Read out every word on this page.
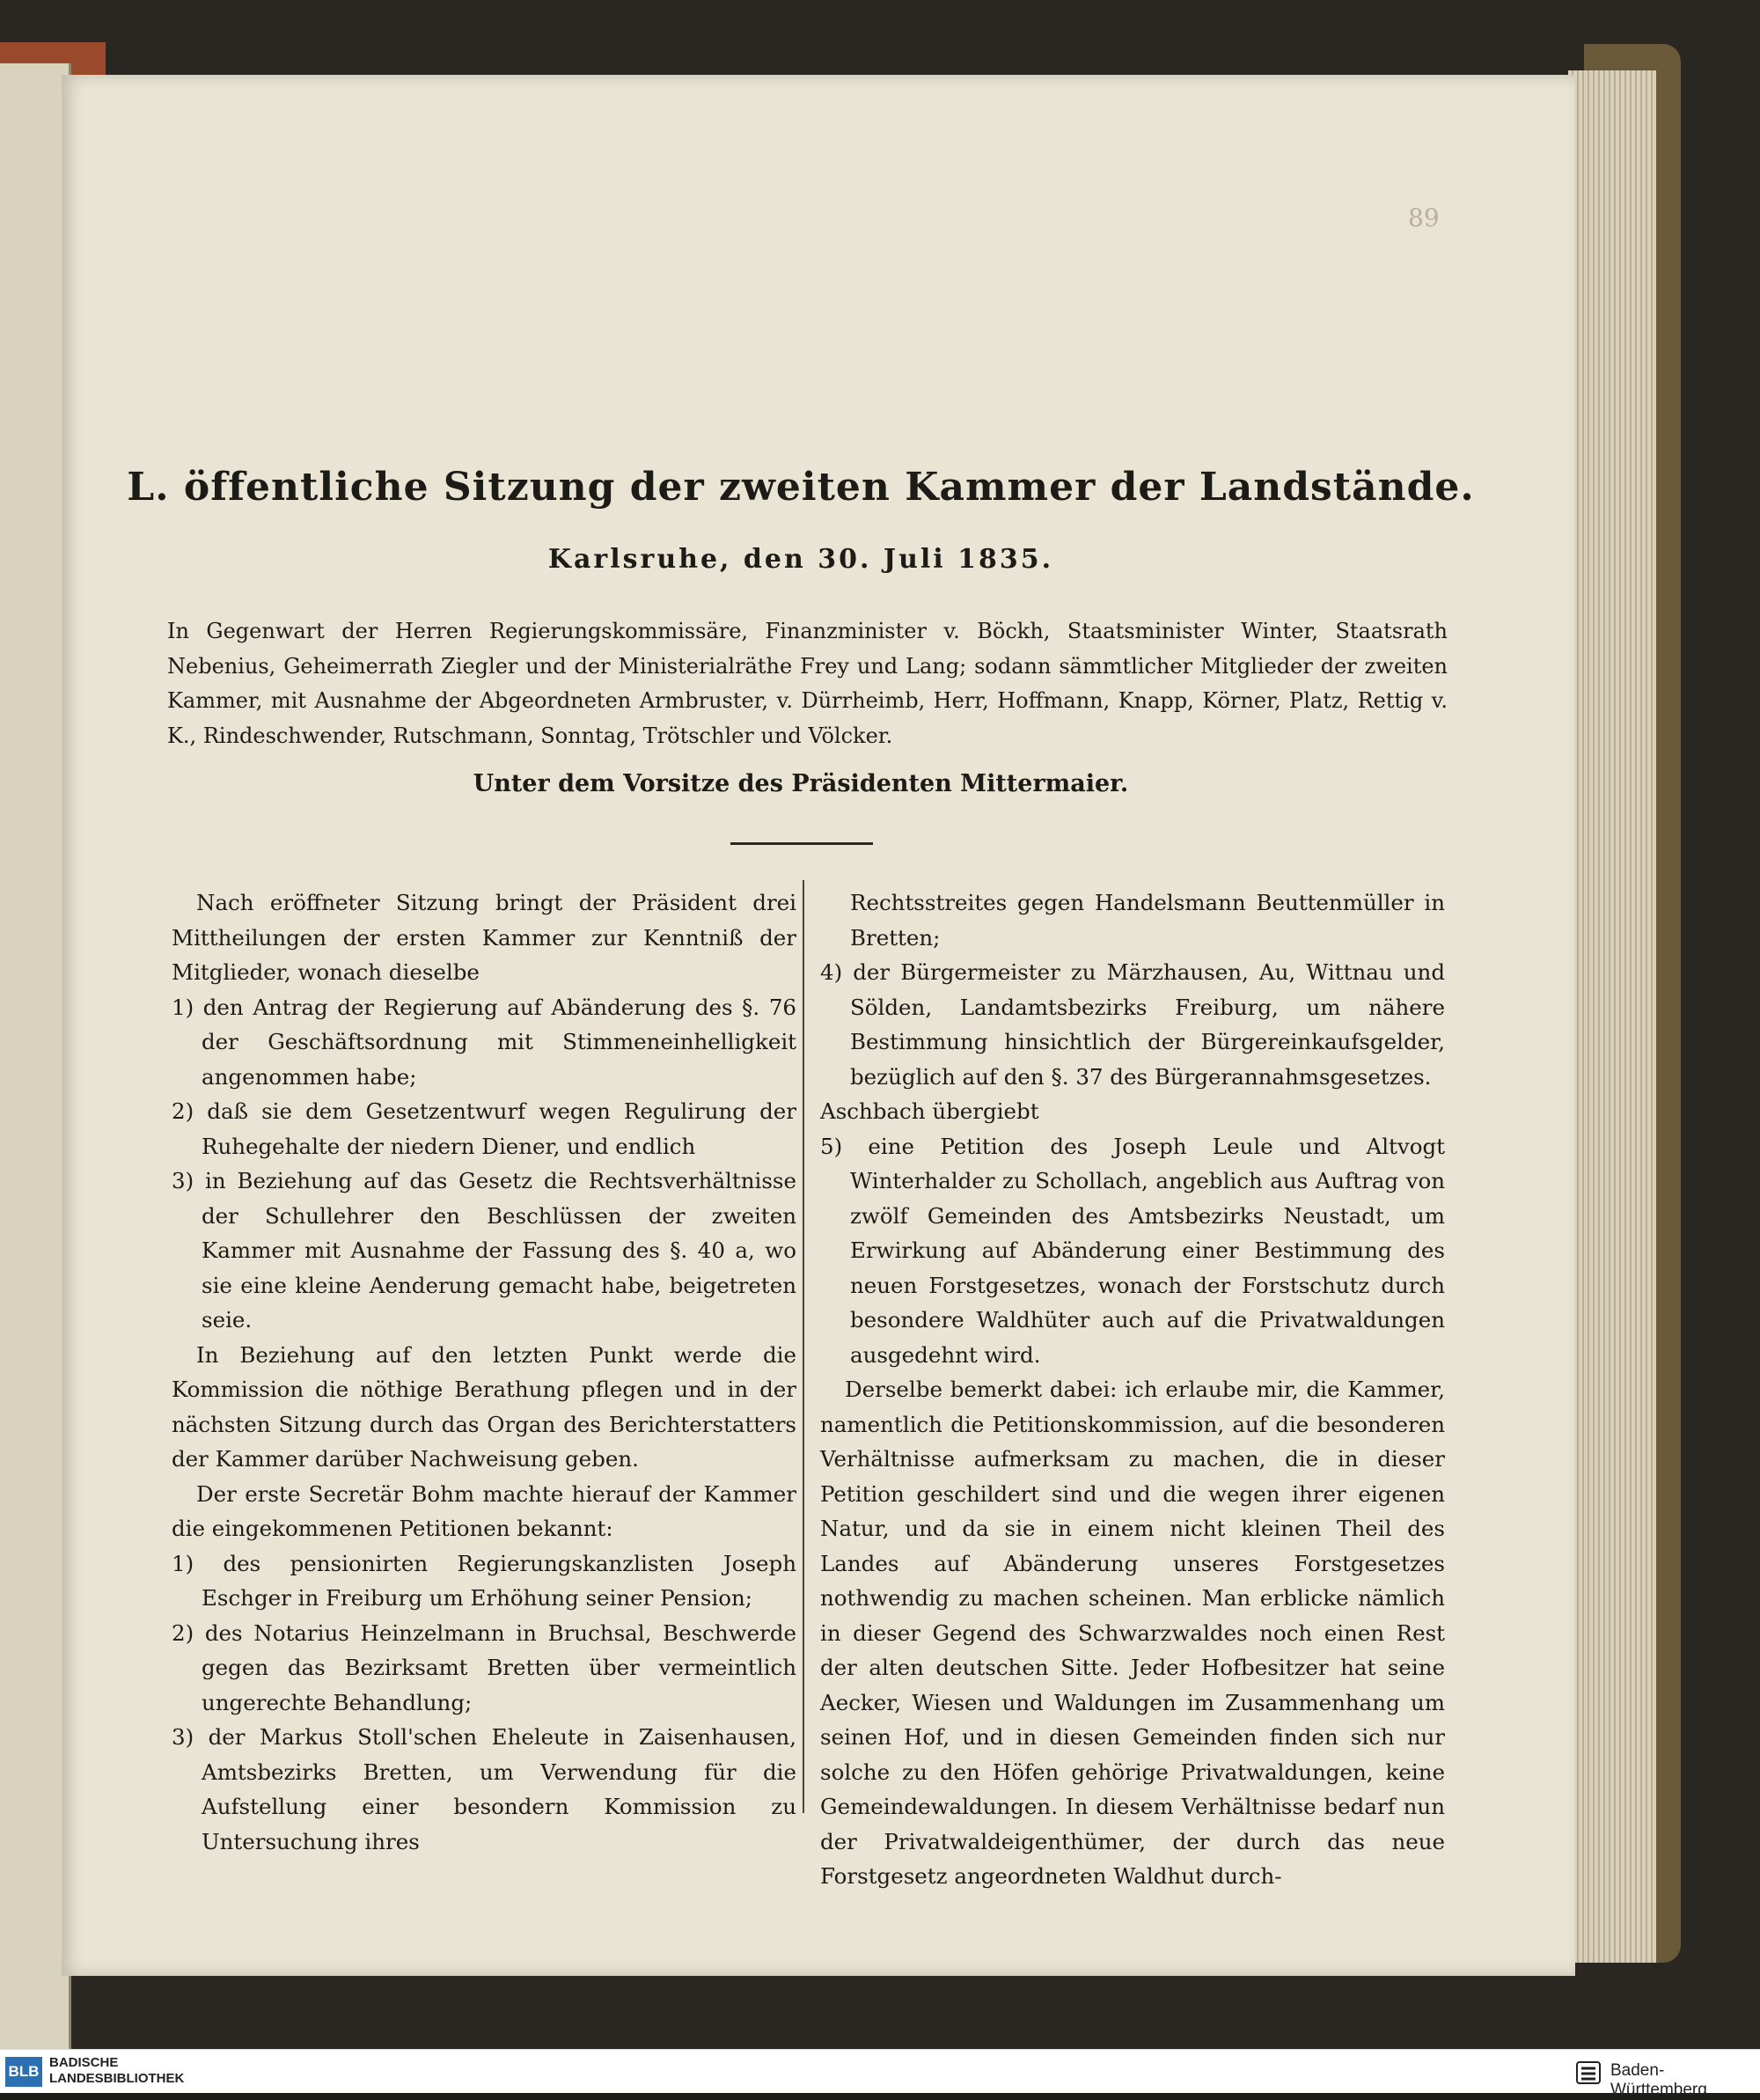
89
L. öffentliche Sitzung der zweiten Kammer der Landstände.
Karlsruhe, den 30. Juli 1835.
In Gegenwart der Herren Regierungskommissäre, Finanzminister v. Böckh, Staatsminister Winter, Staatsrath Nebenius, Geheimerrath Ziegler und der Ministerialräthe Frey und Lang; sodann sämmtlicher Mitglieder der zweiten Kammer, mit Ausnahme der Abgeordneten Armbruster, v. Dürrheimb, Herr, Hoffmann, Knapp, Körner, Platz, Rettig v. K., Rindeschwender, Rutschmann, Sonntag, Trötschler und Völcker.
Unter dem Vorsitze des Präsidenten Mittermaier.

Nach eröffneter Sitzung bringt der Präsident drei Mittheilungen der ersten Kammer zur Kenntniß der Mitglieder, wonach dieselbe

1) den Antrag der Regierung auf Abänderung des §. 76 der Geschäftsordnung mit Stimmeneinhelligkeit angenommen habe;

2) daß sie dem Gesetzentwurf wegen Regulirung der Ruhegehalte der niedern Diener, und endlich

3) in Beziehung auf das Gesetz die Rechtsverhältnisse der Schullehrer den Beschlüssen der zweiten Kammer mit Ausnahme der Fassung des §. 40 a, wo sie eine kleine Aenderung gemacht habe, beigetreten seie.

In Beziehung auf den letzten Punkt werde die Kommission die nöthige Berathung pflegen und in der nächsten Sitzung durch das Organ des Berichterstatters der Kammer darüber Nachweisung geben.

Der erste Secretär Bohm machte hierauf der Kammer die eingekommenen Petitionen bekannt:

1) des pensionirten Regierungskanzlisten Joseph Eschger in Freiburg um Erhöhung seiner Pension;

2) des Notarius Heinzelmann in Bruchsal, Beschwerde gegen das Bezirksamt Bretten über vermeintlich ungerechte Behandlung;

3) der Markus Stoll'schen Eheleute in Zaisenhausen, Amtsbezirks Bretten, um Verwendung für die Aufstellung einer besondern Kommission zu Untersuchung ihres

Rechtsstreites gegen Handelsmann Beuttenmüller in Bretten;

4) der Bürgermeister zu Märzhausen, Au, Wittnau und Sölden, Landamtsbezirks Freiburg, um nähere Bestimmung hinsichtlich der Bürgereinkaufsgelder, bezüglich auf den §. 37 des Bürgerannahmsgesetzes.

Aschbach übergiebt

5) eine Petition des Joseph Leule und Altvogt Winterhalder zu Schollach, angeblich aus Auftrag von zwölf Gemeinden des Amtsbezirks Neustadt, um Erwirkung auf Abänderung einer Bestimmung des neuen Forstgesetzes, wonach der Forstschutz durch besondere Waldhüter auch auf die Privatwaldungen ausgedehnt wird.

Derselbe bemerkt dabei: ich erlaube mir, die Kammer, namentlich die Petitionskommission, auf die besonderen Verhältnisse aufmerksam zu machen, die in dieser Petition geschildert sind und die wegen ihrer eigenen Natur, und da sie in einem nicht kleinen Theil des Landes auf Abänderung unseres Forstgesetzes nothwendig zu machen scheinen. Man erblicke nämlich in dieser Gegend des Schwarzwaldes noch einen Rest der alten deutschen Sitte. Jeder Hofbesitzer hat seine Aecker, Wiesen und Waldungen im Zusammenhang um seinen Hof, und in diesen Gemeinden finden sich nur solche zu den Höfen gehörige Privatwaldungen, keine Gemeindewaldungen. In diesem Verhältnisse bedarf nun der Privatwaldeigenthümer, der durch das neue Forstgesetz angeordneten Waldhut durch-

BLB
BADISCHE
LANDESBIBLIOTHEK	Baden-Württemberg
